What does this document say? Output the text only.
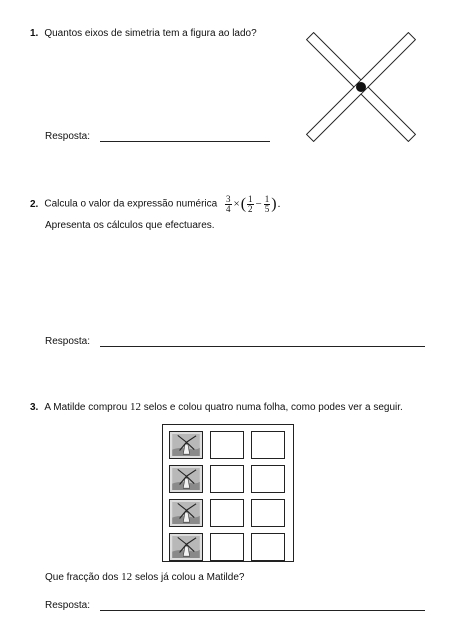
1. Quantos eixos de simetria tem a figura ao lado?
Resposta:
2. Calcula o valor da expressão numérica $\frac{3}{4}$ ×( $\frac{1}{2} - \frac{1}{5}$ ).
Apresenta os cálculos que efectuares.
Resposta:
3. A Matilde comprou 12 selos e colou quatro numa folha, como podes ver a seguir.
Que fracção dos 12 selos já colou a Matilde?
Resposta:
